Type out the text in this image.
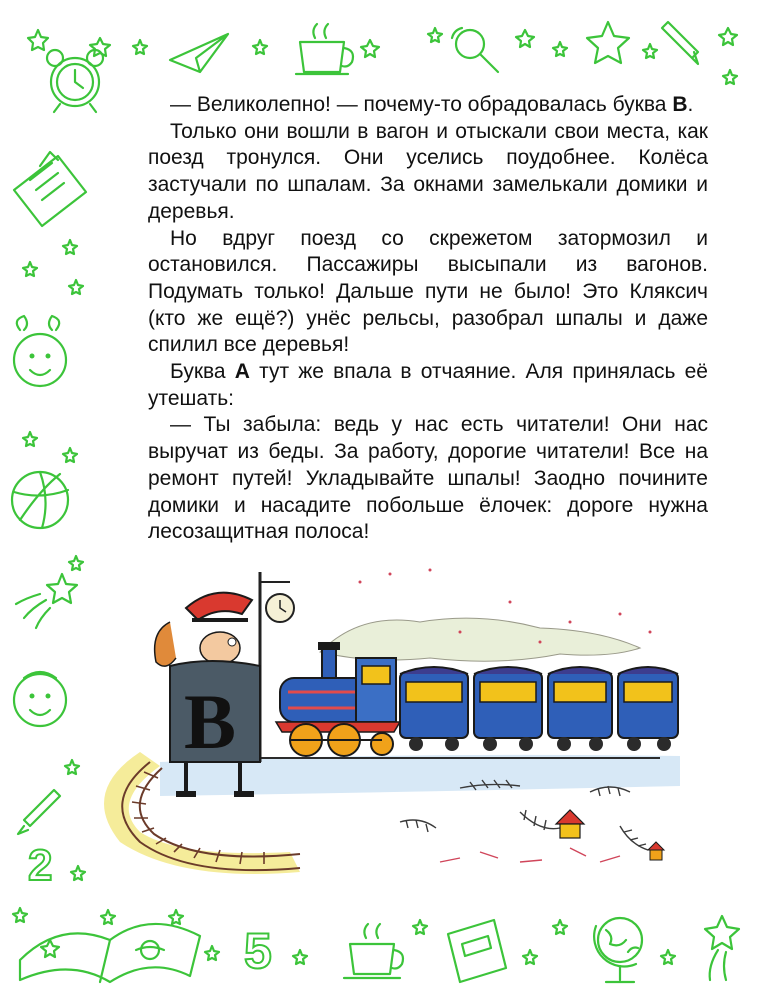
2
5

— Великолепно! — почему-то обрадовалась буква В.

Только они вошли в вагон и отыскали свои места, как поезд тронулся. Они уселись поудобнее. Колёса застучали по шпалам. За окнами замелькали домики и деревья.

Но вдруг поезд со скрежетом затормозил и остановился. Пассажиры высыпали из вагонов. Подумать только! Дальше пути не было! Это Кляксич (кто же ещё?) унёс рельсы, разобрал шпалы и даже спилил все деревья!

Буква А тут же впала в отчаяние. Аля принялась её утешать:

— Ты забыла: ведь у нас есть читатели! Они нас выручат из беды. За работу, дорогие читатели! Все на ремонт путей! Укладывайте шпалы! Заодно почините домики и насадите побольше ёлочек: дороге нужна лесозащитная полоса!

B
